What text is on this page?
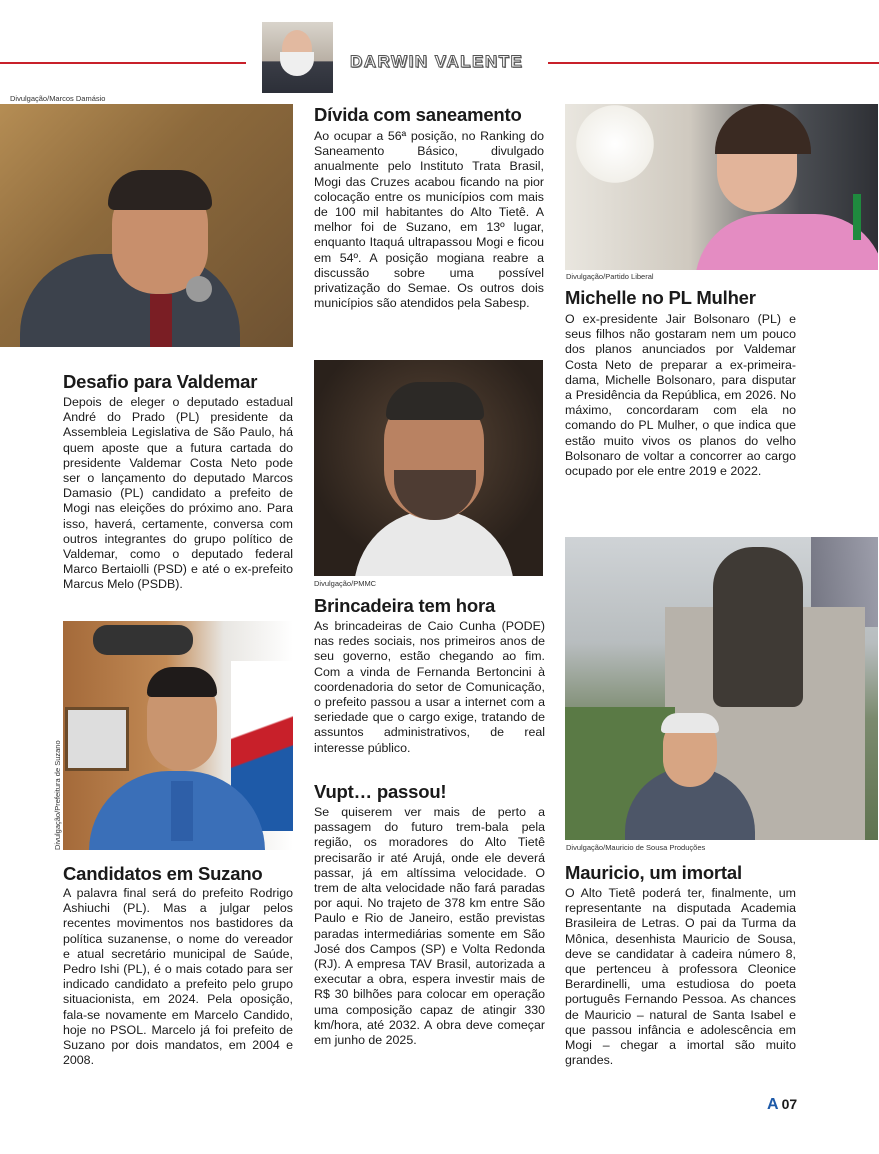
DARWIN VALENTE
Divulgação/Marcos Damásio
Divulgação/Partido Liberal
Divulgação/PMMC
Divulgação/Prefeitura de Suzano	Divulgação/Mauricio de Sousa Produções
Dívida com saneamento

Ao ocupar a 56ª posição, no Ranking do Saneamento Básico, divulgado anualmente pelo Instituto Trata Brasil, Mogi das Cruzes acabou ficando na pior colocação entre os municípios com mais de 100 mil habitantes do Alto Tietê. A melhor foi de Suzano, em 13º lugar, enquanto Itaquá ultrapassou Mogi e ficou em 54º. A posição mogiana reabre a discussão sobre uma possível privatização do Semae. Os outros dois municípios são atendidos pela Sabesp.

Desafio para Valdemar

Depois de eleger o deputado estadual André do Prado (PL) presidente da Assembleia Legislativa de São Paulo, há quem aposte que a futura cartada do presidente Valdemar Costa Neto pode ser o lançamento do deputado Marcos Damasio (PL) candidato a prefeito de Mogi nas eleições do próximo ano. Para isso, haverá, certamente, conversa com outros integrantes do grupo político de Valdemar, como o deputado federal Marco Bertaiolli (PSD) e até o ex-prefeito Marcus Melo (PSDB).

Michelle no PL Mulher

O ex-presidente Jair Bolsonaro (PL) e seus filhos não gostaram nem um pouco dos planos anunciados por Valdemar Costa Neto de preparar a ex-primeira-dama, Michelle Bolsonaro, para disputar a Presidência da República, em 2026. No máximo, concordaram com ela no comando do PL Mulher, o que indica que estão muito vivos os planos do velho Bolsonaro de voltar a concorrer ao cargo ocupado por ele entre 2019 e 2022.

Brincadeira tem hora

As brincadeiras de Caio Cunha (PODE) nas redes sociais, nos primeiros anos de seu governo, estão chegando ao fim. Com a vinda de Fernanda Bertoncini à coordenadoria do setor de Comunicação, o prefeito passou a usar a internet com a seriedade que o cargo exige, tratando de assuntos administrativos, de real interesse público.

Vupt… passou!

Se quiserem ver mais de perto a passagem do futuro trem-bala pela região, os moradores do Alto Tietê precisarão ir até Arujá, onde ele deverá passar, já em altíssima velocidade. O trem de alta velocidade não fará paradas por aqui. No trajeto de 378 km entre São Paulo e Rio de Janeiro, estão previstas paradas intermediárias somente em São José dos Campos (SP) e Volta Redonda (RJ). A empresa TAV Brasil, autorizada a executar a obra, espera investir mais de R$ 30 bilhões para colocar em operação uma composição capaz de atingir 330 km/hora, até 2032. A obra deve começar em junho de 2025.

Candidatos em Suzano

A palavra final será do prefeito Rodrigo Ashiuchi (PL). Mas a julgar pelos recentes movimentos nos bastidores da política suzanense, o nome do vereador e atual secretário municipal de Saúde, Pedro Ishi (PL), é o mais cotado para ser indicado candidato a prefeito pelo grupo situacionista, em 2024. Pela oposição, fala-se novamente em Marcelo Candido, hoje no PSOL. Marcelo já foi prefeito de Suzano por dois mandatos, em 2004 e 2008.

Mauricio, um imortal

O Alto Tietê poderá ter, finalmente, um representante na disputada Academia Brasileira de Letras. O pai da Turma da Mônica, desenhista Mauricio de Sousa, deve se candidatar à cadeira número 8, que pertenceu à professora Cleonice Berardinelli, uma estudiosa do poeta português Fernando Pessoa. As chances de Mauricio – natural de Santa Isabel e que passou infância e adolescência em Mogi – chegar a imortal são muito grandes.

A 07
